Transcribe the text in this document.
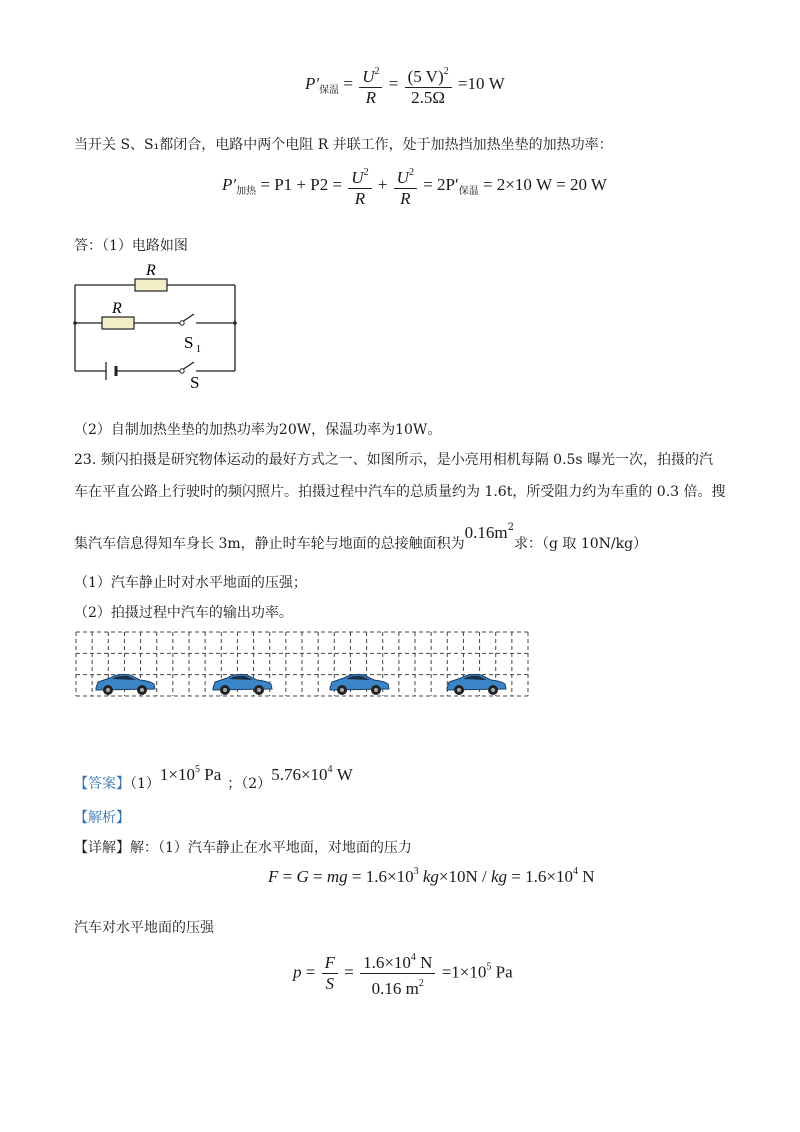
$P'_{保温} = \frac{U^2}{R} = \frac{(5 V)^2}{2.5\Omega} =10$ W
当开关 S、S₁都闭合，电路中两个电阻 R 并联工作，处于加热挡加热坐垫的加热功率：
$P'_{加热} = P1 + P2 = \frac{U^2}{R} + \frac{U^2}{R} = 2P'_{保温} = 2\times 10$ W = 20 W
答：（1）电路如图
R
R
S 1
S
（2）自制加热坐垫的加热功率为20W，保温功率为10W。
23. 频闪拍摄是研究物体运动的最好方式之一、如图所示，是小亮用相机每隔 0.5s 曝光一次，拍摄的汽
车在平直公路上行驶时的频闪照片。拍摄过程中汽车的总质量约为 1.6t，所受阻力约为车重的 0.3 倍。搜
集汽车信息得知车身长 3m，静止时车轮与地面的总接触面积为$0.16m^2$求：（g 取 10N/kg）
（1）汽车静止时对水平地面的压强；
（2）拍摄过程中汽车的输出功率。
【答案】$(1)1\times 10^5$ Pa ；$(2)5.76\times 10^4$ W
【解析】
【详解】解：（1）汽车静止在水平地面，对地面的压力
F = G = mg = $1.6\times 10^3$ kg×10N / kg = $1.6\times 10^4$ N
汽车对水平地面的压强
$p = \frac{F}{S} = \frac{1.6\times 10^4 N}{0.16 m^2} =1\times 10^5$ Pa
